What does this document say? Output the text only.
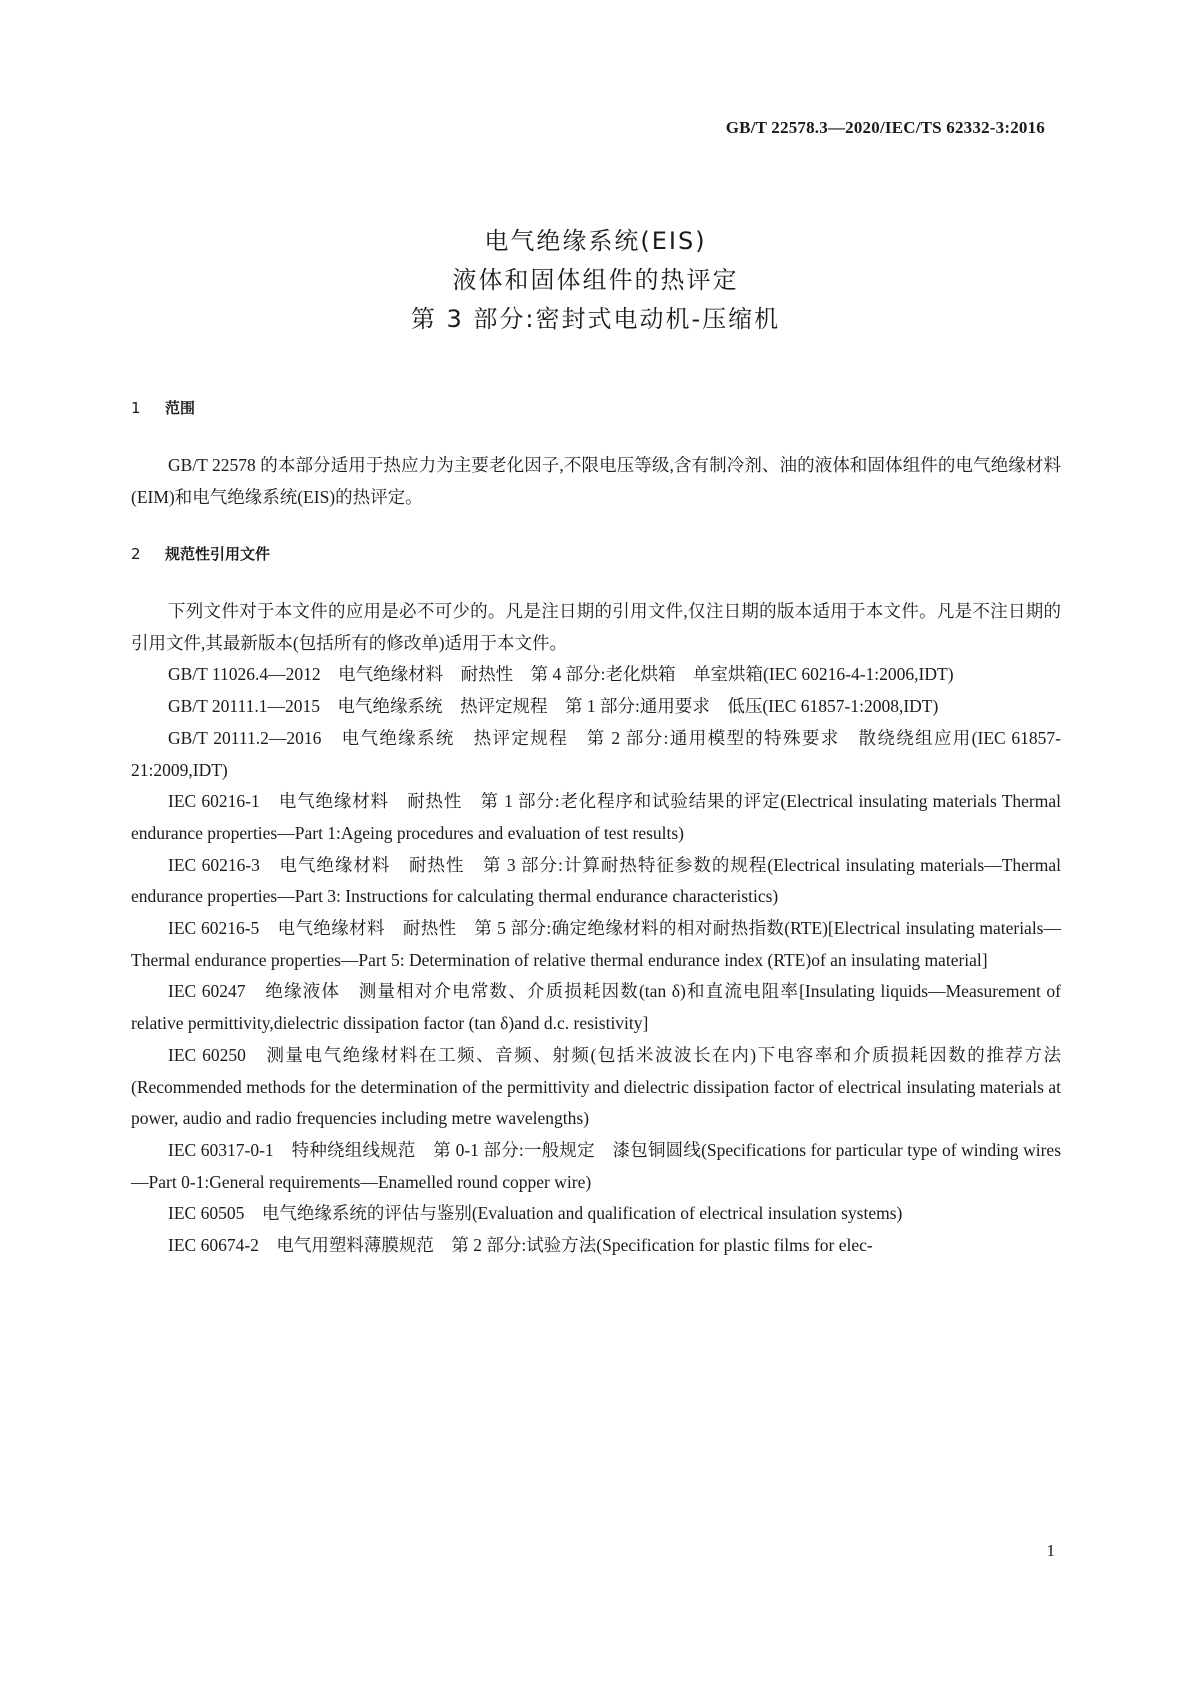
GB/T 22578.3—2020/IEC/TS 62332-3:2016
电气绝缘系统(EIS)
液体和固体组件的热评定
第 3 部分:密封式电动机-压缩机
1 范围

GB/T 22578 的本部分适用于热应力为主要老化因子,不限电压等级,含有制冷剂、油的液体和固体组件的电气绝缘材料(EIM)和电气绝缘系统(EIS)的热评定。

2 规范性引用文件

下列文件对于本文件的应用是必不可少的。凡是注日期的引用文件,仅注日期的版本适用于本文件。凡是不注日期的引用文件,其最新版本(包括所有的修改单)适用于本文件。

GB/T 11026.4—2012　电气绝缘材料　耐热性　第 4 部分:老化烘箱　单室烘箱(IEC 60216-4-1:2006,IDT)

GB/T 20111.1—2015　电气绝缘系统　热评定规程　第 1 部分:通用要求　低压(IEC 61857-1:2008,IDT)

GB/T 20111.2—2016　电气绝缘系统　热评定规程　第 2 部分:通用模型的特殊要求　散绕绕组应用(IEC 61857-21:2009,IDT)

IEC 60216-1　电气绝缘材料　耐热性　第 1 部分:老化程序和试验结果的评定(Electrical insulating materials Thermal endurance properties—Part 1:Ageing procedures and evaluation of test results)

IEC 60216-3　电气绝缘材料　耐热性　第 3 部分:计算耐热特征参数的规程(Electrical insulating materials—Thermal endurance properties—Part 3: Instructions for calculating thermal endurance characteristics)

IEC 60216-5　电气绝缘材料　耐热性　第 5 部分:确定绝缘材料的相对耐热指数(RTE)[Electrical insulating materials—Thermal endurance properties—Part 5: Determination of relative thermal endurance index (RTE)of an insulating material]

IEC 60247　绝缘液体　测量相对介电常数、介质损耗因数(tan δ)和直流电阻率[Insulating liquids—Measurement of relative permittivity,dielectric dissipation factor (tan δ)and d.c. resistivity]

IEC 60250　测量电气绝缘材料在工频、音频、射频(包括米波波长在内)下电容率和介质损耗因数的推荐方法(Recommended methods for the determination of the permittivity and dielectric dissipation factor of electrical insulating materials at power, audio and radio frequencies including metre wavelengths)

IEC 60317-0-1　特种绕组线规范　第 0-1 部分:一般规定　漆包铜圆线(Specifications for particular type of winding wires—Part 0-1:General requirements—Enamelled round copper wire)

IEC 60505　电气绝缘系统的评估与鉴别(Evaluation and qualification of electrical insulation systems)

IEC 60674-2　电气用塑料薄膜规范　第 2 部分:试验方法(Specification for plastic films for elec-

1
